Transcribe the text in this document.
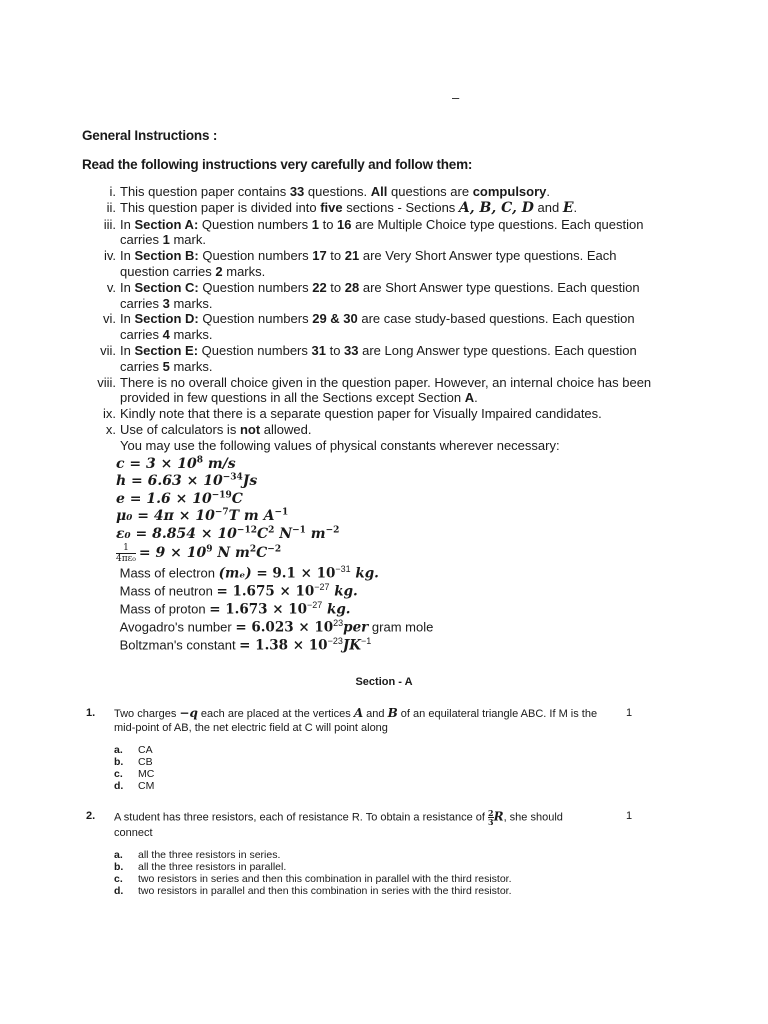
–
General Instructions :
Read the following instructions very carefully and follow them:
i. This question paper contains 33 questions. All questions are compulsory.
ii. This question paper is divided into five sections - Sections A, B, C, D and E.
iii. In Section A: Question numbers 1 to 16 are Multiple Choice type questions. Each question carries 1 mark.
iv. In Section B: Question numbers 17 to 21 are Very Short Answer type questions. Each question carries 2 marks.
v. In Section C: Question numbers 22 to 28 are Short Answer type questions. Each question carries 3 marks.
vi. In Section D: Question numbers 29 & 30 are case study-based questions. Each question carries 4 marks.
vii. In Section E: Question numbers 31 to 33 are Long Answer type questions. Each question carries 5 marks.
viii. There is no overall choice given in the question paper. However, an internal choice has been provided in few questions in all the Sections except Section A.
ix. Kindly note that there is a separate question paper for Visually Impaired candidates.
x. Use of calculators is not allowed.
You may use the following values of physical constants wherever necessary:
$c = 3 \times 10^8$ m/s
$h = 6.63 \times 10^{-34}Js$
$e = 1.6 \times 10^{-19}C$
$\mu_0 = 4\pi \times 10^{-7}T$ m $A^{-1}$
$\varepsilon_0 = 8.854 \times 10^{-12}C^2$ $N^{-1}$ $m^{-2}$
$\frac{1}{\text{4πε₀}} = 9 \times 10^9$ N $m^2C^{-2}$
Mass of electron $(m_e) = 9.1 \times 10^{-31}$ kg.
Mass of neutron = $1.675 \times 10^{-27}$ kg.
Mass of proton = $1.673 \times 10^{-27}$ kg.
Avogadro's number = $6.023 \times 10^{23}per$ gram mole
Boltzman's constant = $1.38 \times 10^{-23}JK^{-1}$
Section - A
1. Two charges −q each are placed at the vertices A and B of an equilateral triangle ABC. If M is the mid-point of AB, the net electric field at C will point along
1
a.	CA
b.	CB
c.	MC
d.	CM
2. A student has three resistors, each of resistance R. To obtain a resistance of $\frac{2}{3} R$, she should connect
1
a.	all the three resistors in series.
b.	all the three resistors in parallel.
c.	two resistors in series and then this combination in parallel with the third resistor.
d.	two resistors in parallel and then this combination in series with the third resistor.
